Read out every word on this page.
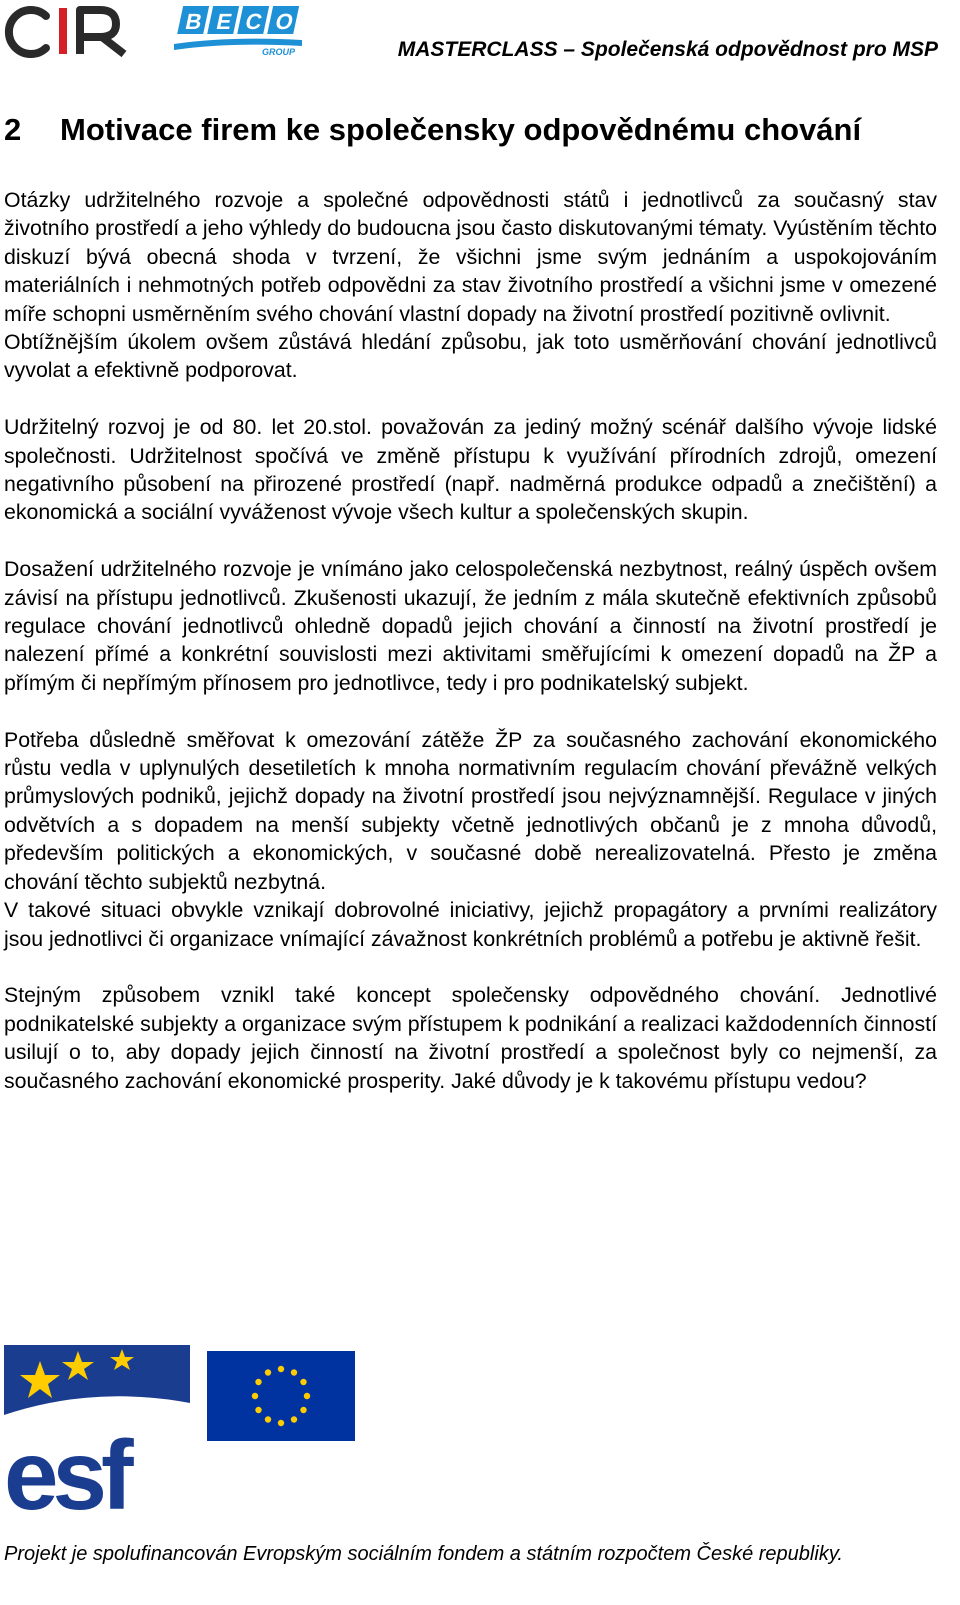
CIR
B E C O
GROUP	MASTERCLASS – Společenská odpovědnost pro MSP
2 Motivace firem ke společensky odpovědnému chování

Otázky udržitelného rozvoje a společné odpovědnosti států i jednotlivců za současný stav životního prostředí a jeho výhledy do budoucna jsou často diskutovanými tématy. Vyústěním těchto diskuzí bývá obecná shoda v tvrzení, že všichni jsme svým jednáním a uspokojováním materiálních i nehmotných potřeb odpovědni za stav životního prostředí a všichni jsme v omezené míře schopni usměrněním svého chování vlastní dopady na životní prostředí pozitivně ovlivnit.

Obtížnějším úkolem ovšem zůstává hledání způsobu, jak toto usměrňování chování jednotlivců vyvolat a efektivně podporovat.

Udržitelný rozvoj je od 80. let 20.stol. považován za jediný možný scénář dalšího vývoje lidské společnosti. Udržitelnost spočívá ve změně přístupu k využívání přírodních zdrojů, omezení negativního působení na přirozené prostředí (např. nadměrná produkce odpadů a znečištění) a ekonomická a sociální vyváženost vývoje všech kultur a společenských skupin.

Dosažení udržitelného rozvoje je vnímáno jako celospolečenská nezbytnost, reálný úspěch ovšem závisí na přístupu jednotlivců. Zkušenosti ukazují, že jedním z mála skutečně efektivních způsobů regulace chování jednotlivců ohledně dopadů jejich chování a činností na životní prostředí je nalezení přímé a konkrétní souvislosti mezi aktivitami směřujícími k omezení dopadů na ŽP a přímým či nepřímým přínosem pro jednotlivce, tedy i pro podnikatelský subjekt.

Potřeba důsledně směřovat k omezování zátěže ŽP za současného zachování ekonomického růstu vedla v uplynulých desetiletích k mnoha normativním regulacím chování převážně velkých průmyslových podniků, jejichž dopady na životní prostředí jsou nejvýznamnější. Regulace v jiných odvětvích a s dopadem na menší subjekty včetně jednotlivých občanů je z mnoha důvodů, především politických a ekonomických, v současné době nerealizovatelná. Přesto je změna chování těchto subjektů nezbytná.

V takové situaci obvykle vznikají dobrovolné iniciativy, jejichž propagátory a prvními realizátory jsou jednotlivci či organizace vnímající závažnost konkrétních problémů a potřebu je aktivně řešit.

Stejným způsobem vznikl také koncept společensky odpovědného chování. Jednotlivé podnikatelské subjekty a organizace svým přístupem k podnikání a realizaci každodenních činností usilují o to, aby dopady jejich činností na životní prostředí a společnost byly co nejmenší, za současného zachování ekonomické prosperity. Jaké důvody je k takovému přístupu vedou?

esf
Projekt je spolufinancován Evropským sociálním fondem a státním rozpočtem České republiky.
